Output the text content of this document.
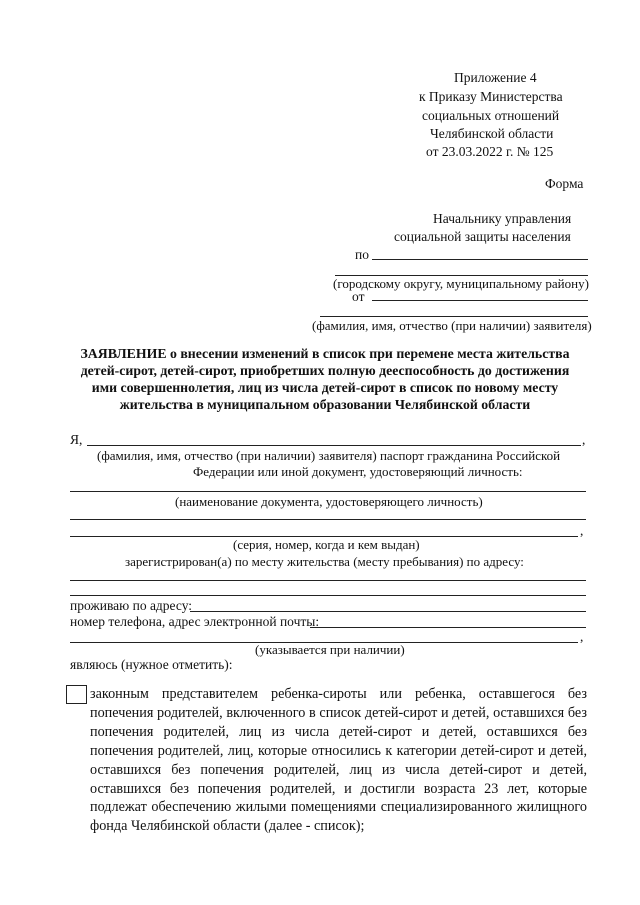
Приложение 4
к Приказу Министерства
социальных отношений
Челябинской области
от 23.03.2022 г. № 125
Форма
Начальнику управления
социальной защиты населения
по
(городскому округу, муниципальному району)
от
(фамилия, имя, отчество (при наличии) заявителя)
ЗАЯВЛЕНИЕ о внесении изменений в список при перемене места жительства детей-сирот, детей-сирот, приобретших полную дееспособность до достижения ими совершеннолетия, лиц из числа детей-сирот в список по новому месту жительства в муниципальном образовании Челябинской области
Я,	,
(фамилия, имя, отчество (при наличии) заявителя) паспорт гражданина Российской
Федерации или иной документ, удостоверяющий личность:
(наименование документа, удостоверяющего личность)
,
(серия, номер, когда и кем выдан)
зарегистрирован(а) по месту жительства (месту пребывания) по адресу:
проживаю по адресу:
номер телефона, адрес электронной почты:
,
(указывается при наличии)
являюсь (нужное отметить):
законным представителем ребенка-сироты или ребенка, оставшегося без попечения родителей, включенного в список детей-сирот и детей, оставшихся без попечения родителей, лиц из числа детей-сирот и детей, оставшихся без попечения родителей, лиц, которые относились к категории детей-сирот и детей, оставшихся без попечения родителей, лиц из числа детей-сирот и детей, оставшихся без попечения родителей, и достигли возраста 23 лет, которые подлежат обеспечению жилыми помещениями специализированного жилищного фонда Челябинской области (далее - список);
